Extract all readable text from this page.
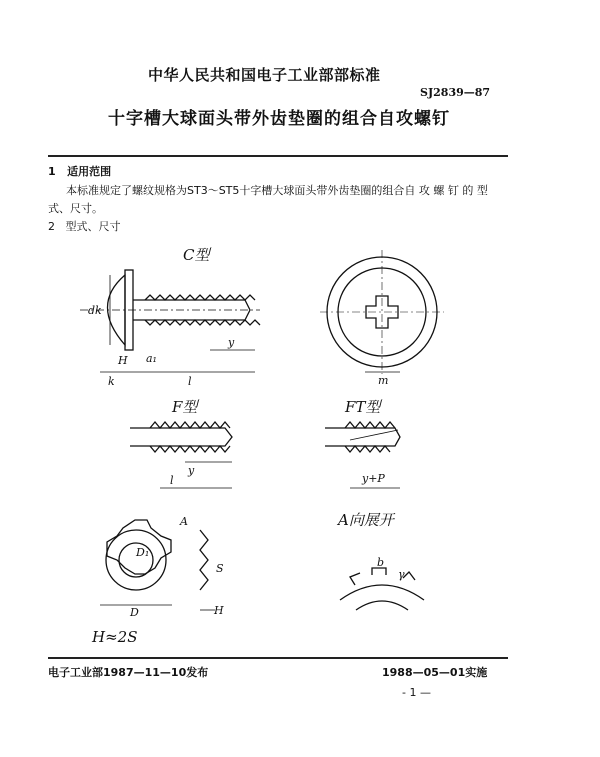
中华人民共和国电子工业部部标准
SJ2839—87
十字槽大球面头带外齿垫圈的组合自攻螺钉
1 适用范围
本标准规定了螺纹规格为ST3～ST5十字槽大球面头带外齿垫圈的组合自 攻 螺 钉 的 型
式、尺寸。
2 型式、尺寸
C型
dk
k	l
y
a₁
H
m
F型
y
l
FT型
y+P
A
D₁
D
S
H
H≈2S
A向展开
b
γ
电子工业部1987—11—10发布	1988—05—01实施
- 1 —
